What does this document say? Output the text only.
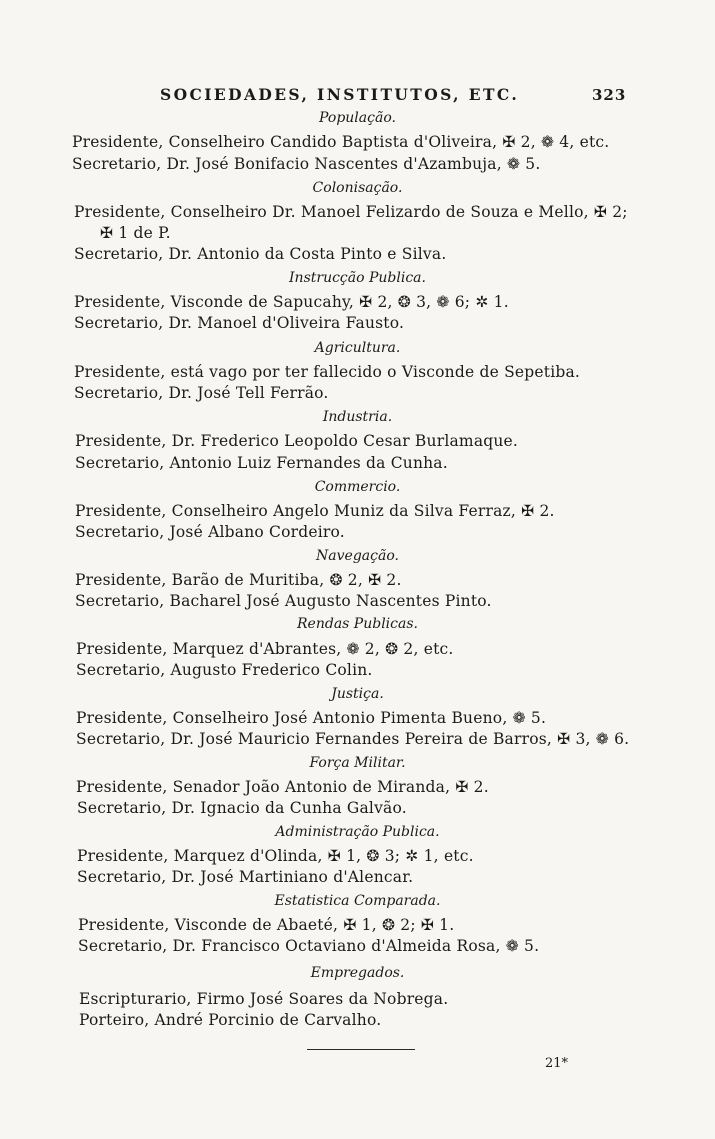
SOCIEDADES, INSTITUTOS, ETC.	323
População.
Presidente, Conselheiro Candido Baptista d'Oliveira, ✠ 2, ❁ 4, etc.
Secretario, Dr. José Bonifacio Nascentes d'Azambuja, ❁ 5.
Colonisação.
Presidente, Conselheiro Dr. Manoel Felizardo de Souza e Mello, ✠ 2;
✠ 1 de P.
Secretario, Dr. Antonio da Costa Pinto e Silva.
Instrucção Publica.
Presidente, Visconde de Sapucahy, ✠ 2, ❂ 3, ❁ 6; ✲ 1.
Secretario, Dr. Manoel d'Oliveira Fausto.
Agricultura.
Presidente, está vago por ter fallecido o Visconde de Sepetiba.
Secretario, Dr. José Tell Ferrão.
Industria.
Presidente, Dr. Frederico Leopoldo Cesar Burlamaque.
Secretario, Antonio Luiz Fernandes da Cunha.
Commercio.
Presidente, Conselheiro Angelo Muniz da Silva Ferraz, ✠ 2.
Secretario, José Albano Cordeiro.
Navegação.
Presidente, Barão de Muritiba, ❂ 2, ✠ 2.
Secretario, Bacharel José Augusto Nascentes Pinto.
Rendas Publicas.
Presidente, Marquez d'Abrantes, ❁ 2, ❂ 2, etc.
Secretario, Augusto Frederico Colin.
Justiça.
Presidente, Conselheiro José Antonio Pimenta Bueno, ❁ 5.
Secretario, Dr. José Mauricio Fernandes Pereira de Barros, ✠ 3, ❁ 6.
Força Militar.
Presidente, Senador João Antonio de Miranda, ✠ 2.
Secretario, Dr. Ignacio da Cunha Galvão.
Administração Publica.
Presidente, Marquez d'Olinda, ✠ 1, ❂ 3; ✲ 1, etc.
Secretario, Dr. José Martiniano d'Alencar.
Estatistica Comparada.
Presidente, Visconde de Abaeté, ✠ 1, ❂ 2; ✠ 1.
Secretario, Dr. Francisco Octaviano d'Almeida Rosa, ❁ 5.
Empregados.
Escripturario, Firmo José Soares da Nobrega.
Porteiro, André Porcinio de Carvalho.
21*
